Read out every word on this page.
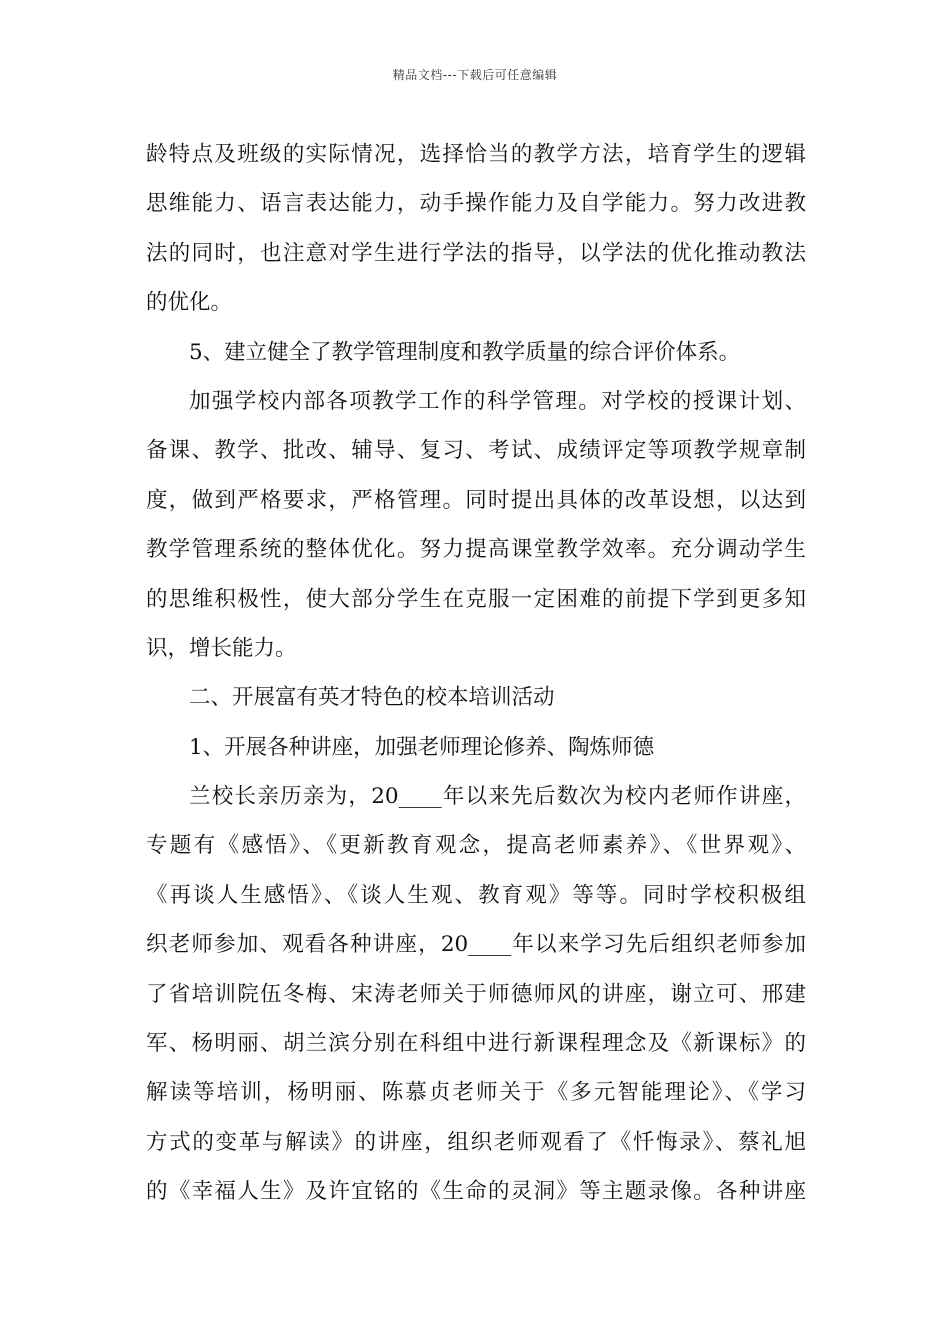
精品文档---下载后可任意编辑
龄特点及班级的实际情况，选择恰当的教学方法，培育学生的逻辑
思维能力、语言表达能力，动手操作能力及自学能力。努力改进教
法的同时，也注意对学生进行学法的指导，以学法的优化推动教法
的优化。
5、建立健全了教学管理制度和教学质量的综合评价体系。
加强学校内部各项教学工作的科学管理。对学校的授课计划、
备课、教学、批改、辅导、复习、考试、成绩评定等项教学规章制
度，做到严格要求，严格管理。同时提出具体的改革设想，以达到
教学管理系统的整体优化。努力提高课堂教学效率。充分调动学生
的思维积极性，使大部分学生在克服一定困难的前提下学到更多知
识，增长能力。
二、开展富有英才特色的校本培训活动
1、开展各种讲座，加强老师理论修养、陶炼师德
兰校长亲历亲为，20____年以来先后数次为校内老师作讲座，
专题有《感悟》、《更新教育观念，提高老师素养》、《世界观》、
《再谈人生感悟》、《谈人生观、教育观》等等。同时学校积极组
织老师参加、观看各种讲座，20____年以来学习先后组织老师参加
了省培训院伍冬梅、宋涛老师关于师德师风的讲座，谢立可、邢建
军、杨明丽、胡兰滨分别在科组中进行新课程理念及《新课标》的
解读等培训，杨明丽、陈慕贞老师关于《多元智能理论》、《学习
方式的变革与解读》的讲座，组织老师观看了《忏悔录》、蔡礼旭
的《幸福人生》及许宜铭的《生命的灵洞》等主题录像。各种讲座
